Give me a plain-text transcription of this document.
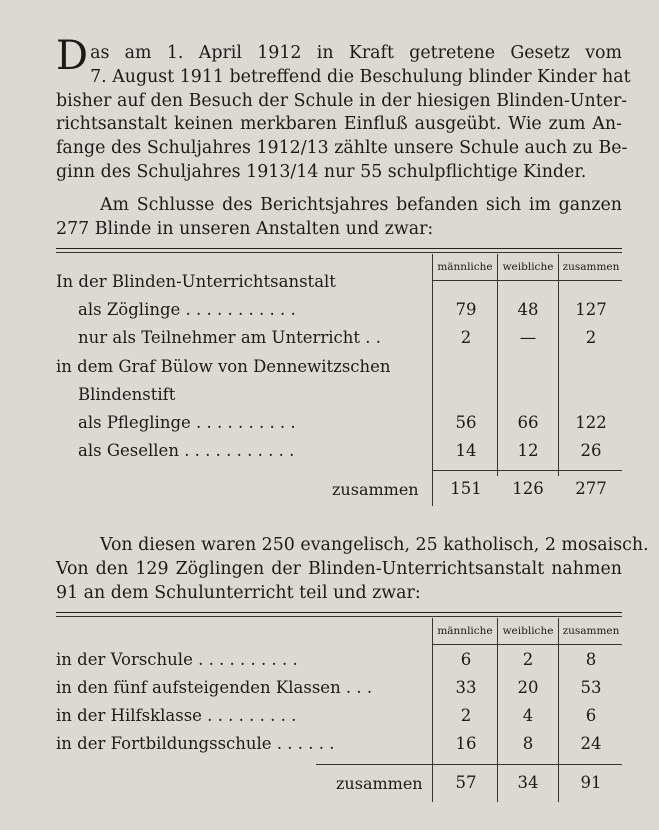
Das am 1. April 1912 in Kraft getretene Gesetz vom
7. August 1911 betreffend die Beschulung blinder Kinder hat
bisher auf den Besuch der Schule in der hiesigen Blinden-Unter-
richtsanstalt keinen merkbaren Einfluß ausgeübt. Wie zum An-
fange des Schuljahres 1912/13 zählte unsere Schule auch zu Be-
ginn des Schuljahres 1913/14 nur 55 schulpflichtige Kinder.
Am Schlusse des Berichtsjahres befanden sich im ganzen
277 Blinde in unseren Anstalten und zwar:
männliche weibliche zusammen
In der Blinden-Unterrichtsanstalt
als Zöglinge . . . . . . . . . . .	79	48	127
nur als Teilnehmer am Unterricht . .	2	—	2
in dem Graf Bülow von Dennewitzschen
Blindenstift
als Pfleglinge . . . . . . . . . .	56	66	122
als Gesellen . . . . . . . . . . .	14	12	26
zusammen	151	126	277
Von diesen waren 250 evangelisch, 25 katholisch, 2 mosaisch.
Von den 129 Zöglingen der Blinden-Unterrichtsanstalt nahmen
91 an dem Schulunterricht teil und zwar:
männliche weibliche zusammen
in der Vorschule . . . . . . . . . .	6	2	8
in den fünf aufsteigenden Klassen . . .	33	20	53
in der Hilfsklasse . . . . . . . . .	2	4	6
in der Fortbildungsschule . . . . . .	16	8	24
zusammen	57	34	91
